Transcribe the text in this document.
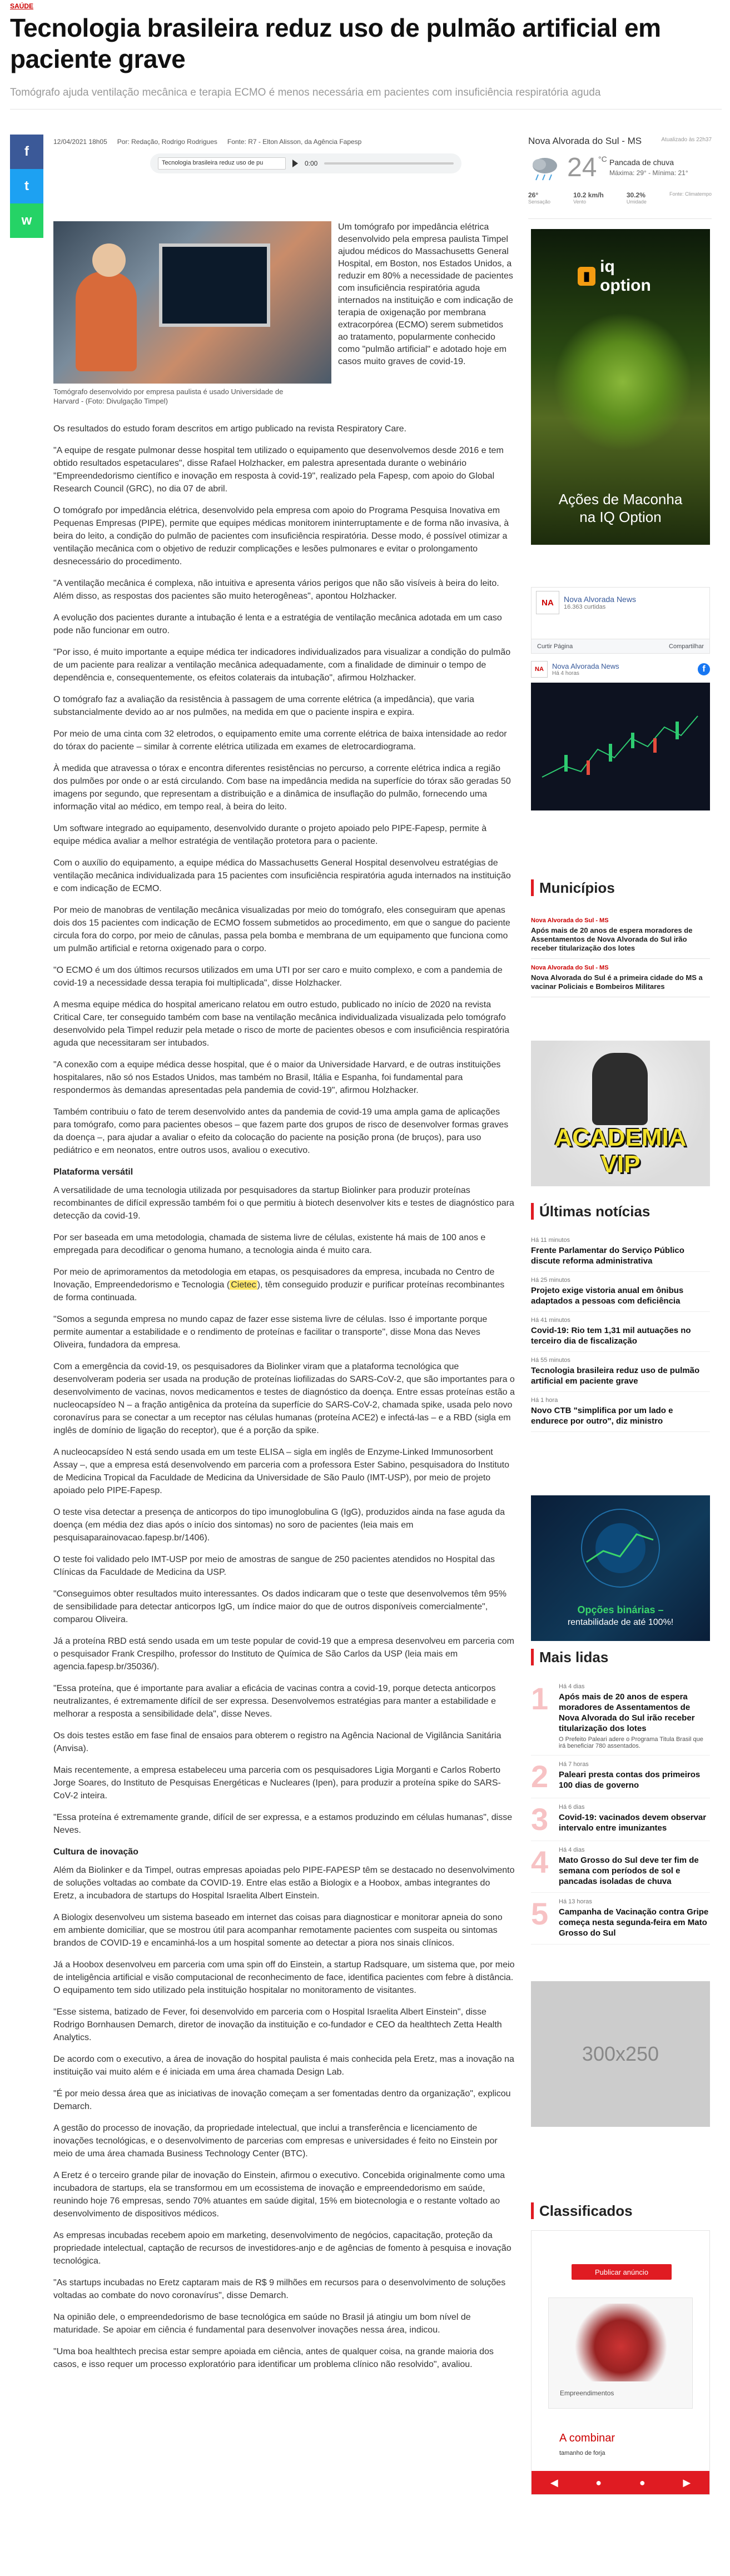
SAÚDE
Tecnologia brasileira reduz uso de pulmão artificial em paciente grave
Tomógrafo ajuda ventilação mecânica e terapia ECMO é menos necessária em pacientes com insuficiência respiratória aguda
f
t
w
12/04/2021 18h05 Por: Redação, Rodrigo Rodrigues Fonte: R7 - Elton Alisson, da Agência Fapesp
Tecnologia brasileira reduz uso de pu	0:00
Tomógrafo desenvolvido por empresa paulista é usado Universidade de Harvard - (Foto: Divulgação Timpel)

Um tomógrafo por impedância elétrica desenvolvido pela empresa paulista Timpel ajudou médicos do Massachusetts General Hospital, em Boston, nos Estados Unidos, a reduzir em 80% a necessidade de pacientes com insuficiência respiratória aguda internados na instituição e com indicação de terapia de oxigenação por membrana extracorpórea (ECMO) serem submetidos ao tratamento, popularmente conhecido como "pulmão artificial" e adotado hoje em casos muito graves de covid-19.

Os resultados do estudo foram descritos em artigo publicado na revista Respiratory Care.

"A equipe de resgate pulmonar desse hospital tem utilizado o equipamento que desenvolvemos desde 2016 e tem obtido resultados espetaculares", disse Rafael Holzhacker, em palestra apresentada durante o webinário "Empreendedorismo científico e inovação em resposta à covid-19", realizado pela Fapesp, com apoio do Global Research Council (GRC), no dia 07 de abril.

O tomógrafo por impedância elétrica, desenvolvido pela empresa com apoio do Programa Pesquisa Inovativa em Pequenas Empresas (PIPE), permite que equipes médicas monitorem ininterruptamente e de forma não invasiva, à beira do leito, a condição do pulmão de pacientes com insuficiência respiratória. Desse modo, é possível otimizar a ventilação mecânica com o objetivo de reduzir complicações e lesões pulmonares e evitar o prolongamento desnecessário do procedimento.

"A ventilação mecânica é complexa, não intuitiva e apresenta vários perigos que não são visíveis à beira do leito. Além disso, as respostas dos pacientes são muito heterogêneas", apontou Holzhacker.

A evolução dos pacientes durante a intubação é lenta e a estratégia de ventilação mecânica adotada em um caso pode não funcionar em outro.

"Por isso, é muito importante a equipe médica ter indicadores individualizados para visualizar a condição do pulmão de um paciente para realizar a ventilação mecânica adequadamente, com a finalidade de diminuir o tempo de dependência e, consequentemente, os efeitos colaterais da intubação", afirmou Holzhacker.

O tomógrafo faz a avaliação da resistência à passagem de uma corrente elétrica (a impedância), que varia substancialmente devido ao ar nos pulmões, na medida em que o paciente inspira e expira.

Por meio de uma cinta com 32 eletrodos, o equipamento emite uma corrente elétrica de baixa intensidade ao redor do tórax do paciente – similar à corrente elétrica utilizada em exames de eletrocardiograma.

À medida que atravessa o tórax e encontra diferentes resistências no percurso, a corrente elétrica indica a região dos pulmões por onde o ar está circulando. Com base na impedância medida na superfície do tórax são geradas 50 imagens por segundo, que representam a distribuição e a dinâmica de insuflação do pulmão, fornecendo uma informação vital ao médico, em tempo real, à beira do leito.

Um software integrado ao equipamento, desenvolvido durante o projeto apoiado pelo PIPE-Fapesp, permite à equipe médica avaliar a melhor estratégia de ventilação protetora para o paciente.

Com o auxílio do equipamento, a equipe médica do Massachusetts General Hospital desenvolveu estratégias de ventilação mecânica individualizada para 15 pacientes com insuficiência respiratória aguda internados na instituição e com indicação de ECMO.

Por meio de manobras de ventilação mecânica visualizadas por meio do tomógrafo, eles conseguiram que apenas dois dos 15 pacientes com indicação de ECMO fossem submetidos ao procedimento, em que o sangue do paciente circula fora do corpo, por meio de cânulas, passa pela bomba e membrana de um equipamento que funciona como um pulmão artificial e retorna oxigenado para o corpo.

"O ECMO é um dos últimos recursos utilizados em uma UTI por ser caro e muito complexo, e com a pandemia de covid-19 a necessidade dessa terapia foi multiplicada", disse Holzhacker.

A mesma equipe médica do hospital americano relatou em outro estudo, publicado no início de 2020 na revista Critical Care, ter conseguido também com base na ventilação mecânica individualizada visualizada pelo tomógrafo desenvolvido pela Timpel reduzir pela metade o risco de morte de pacientes obesos e com insuficiência respiratória aguda que necessitaram ser intubados.

"A conexão com a equipe médica desse hospital, que é o maior da Universidade Harvard, e de outras instituições hospitalares, não só nos Estados Unidos, mas também no Brasil, Itália e Espanha, foi fundamental para respondermos às demandas apresentadas pela pandemia de covid-19", afirmou Holzhacker.

Também contribuiu o fato de terem desenvolvido antes da pandemia de covid-19 uma ampla gama de aplicações para tomógrafo, como para pacientes obesos – que fazem parte dos grupos de risco de desenvolver formas graves da doença –, para ajudar a avaliar o efeito da colocação do paciente na posição prona (de bruços), para uso pediátrico e em neonatos, entre outros usos, avaliou o executivo.

Plataforma versátil

A versatilidade de uma tecnologia utilizada por pesquisadores da startup Biolinker para produzir proteínas recombinantes de difícil expressão também foi o que permitiu à biotech desenvolver kits e testes de diagnóstico para detecção da covid-19.

Por ser baseada em uma metodologia, chamada de sistema livre de células, existente há mais de 100 anos e empregada para decodificar o genoma humano, a tecnologia ainda é muito cara.

Por meio de aprimoramentos da metodologia em etapas, os pesquisadores da empresa, incubada no Centro de Inovação, Empreendedorismo e Tecnologia ( Cietec ), têm conseguido produzir e purificar proteínas recombinantes de forma continuada.

"Somos a segunda empresa no mundo capaz de fazer esse sistema livre de células. Isso é importante porque permite aumentar a estabilidade e o rendimento de proteínas e facilitar o transporte", disse Mona das Neves Oliveira, fundadora da empresa.

Com a emergência da covid-19, os pesquisadores da Biolinker viram que a plataforma tecnológica que desenvolveram poderia ser usada na produção de proteínas liofilizadas do SARS-CoV-2, que são importantes para o desenvolvimento de vacinas, novos medicamentos e testes de diagnóstico da doença. Entre essas proteínas estão a nucleocapsídeo N – a fração antigênica da proteína da superfície do SARS-CoV-2, chamada spike, usada pelo novo coronavírus para se conectar a um receptor nas células humanas (proteína ACE2) e infectá-las – e a RBD (sigla em inglês de domínio de ligação do receptor), que é a porção da spike.

A nucleocapsídeo N está sendo usada em um teste ELISA – sigla em inglês de Enzyme-Linked Immunosorbent Assay –, que a empresa está desenvolvendo em parceria com a professora Ester Sabino, pesquisadora do Instituto de Medicina Tropical da Faculdade de Medicina da Universidade de São Paulo (IMT-USP), por meio de projeto apoiado pelo PIPE-Fapesp.

O teste visa detectar a presença de anticorpos do tipo imunoglobulina G (IgG), produzidos ainda na fase aguda da doença (em média dez dias após o início dos sintomas) no soro de pacientes (leia mais em pesquisaparainovacao.fapesp.br/1406).

O teste foi validado pelo IMT-USP por meio de amostras de sangue de 250 pacientes atendidos no Hospital das Clínicas da Faculdade de Medicina da USP.

"Conseguimos obter resultados muito interessantes. Os dados indicaram que o teste que desenvolvemos têm 95% de sensibilidade para detectar anticorpos IgG, um índice maior do que de outros disponíveis comercialmente", comparou Oliveira.

Já a proteína RBD está sendo usada em um teste popular de covid-19 que a empresa desenvolveu em parceria com o pesquisador Frank Crespilho, professor do Instituto de Química de São Carlos da USP (leia mais em agencia.fapesp.br/35036/).

"Essa proteína, que é importante para avaliar a eficácia de vacinas contra a covid-19, porque detecta anticorpos neutralizantes, é extremamente difícil de ser expressa. Desenvolvemos estratégias para manter a estabilidade e melhorar a resposta a sensibilidade dela", disse Neves.

Os dois testes estão em fase final de ensaios para obterem o registro na Agência Nacional de Vigilância Sanitária (Anvisa).

Mais recentemente, a empresa estabeleceu uma parceria com os pesquisadores Ligia Morganti e Carlos Roberto Jorge Soares, do Instituto de Pesquisas Energéticas e Nucleares (Ipen), para produzir a proteína spike do SARS-CoV-2 inteira.

"Essa proteína é extremamente grande, difícil de ser expressa, e a estamos produzindo em células humanas", disse Neves.

Cultura de inovação

Além da Biolinker e da Timpel, outras empresas apoiadas pelo PIPE-FAPESP têm se destacado no desenvolvimento de soluções voltadas ao combate da COVID-19. Entre elas estão a Biologix e a Hoobox, ambas integrantes do Eretz, a incubadora de startups do Hospital Israelita Albert Einstein.

A Biologix desenvolveu um sistema baseado em internet das coisas para diagnosticar e monitorar apneia do sono em ambiente domiciliar, que se mostrou útil para acompanhar remotamente pacientes com suspeita ou sintomas brandos de COVID-19 e encaminhá-los a um hospital somente ao detectar a piora nos sinais clínicos.

Já a Hoobox desenvolveu em parceria com uma spin off do Einstein, a startup Radsquare, um sistema que, por meio de inteligência artificial e visão computacional de reconhecimento de face, identifica pacientes com febre à distância. O equipamento tem sido utilizado pela instituição hospitalar no monitoramento de visitantes.

"Esse sistema, batizado de Fever, foi desenvolvido em parceria com o Hospital Israelita Albert Einstein", disse Rodrigo Bornhausen Demarch, diretor de inovação da instituição e co-fundador e CEO da healthtech Zetta Health Analytics.

De acordo com o executivo, a área de inovação do hospital paulista é mais conhecida pela Eretz, mas a inovação na instituição vai muito além e é iniciada em uma área chamada Design Lab.

"É por meio dessa área que as iniciativas de inovação começam a ser fomentadas dentro da organização", explicou Demarch.

A gestão do processo de inovação, da propriedade intelectual, que inclui a transferência e licenciamento de inovações tecnológicas, e o desenvolvimento de parcerias com empresas e universidades é feito no Einstein por meio de uma área chamada Business Technology Center (BTC).

A Eretz é o terceiro grande pilar de inovação do Einstein, afirmou o executivo. Concebida originalmente como uma incubadora de startups, ela se transformou em um ecossistema de inovação e empreendedorismo em saúde, reunindo hoje 76 empresas, sendo 70% atuantes em saúde digital, 15% em biotecnologia e o restante voltado ao desenvolvimento de dispositivos médicos.

As empresas incubadas recebem apoio em marketing, desenvolvimento de negócios, capacitação, proteção da propriedade intelectual, captação de recursos de investidores-anjo e de agências de fomento à pesquisa e inovação tecnológica.

"As startups incubadas no Eretz captaram mais de R$ 9 milhões em recursos para o desenvolvimento de soluções voltadas ao combate do novo coronavírus", disse Demarch.

Na opinião dele, o empreendedorismo de base tecnológica em saúde no Brasil já atingiu um bom nível de maturidade. Se apoiar em ciência é fundamental para desenvolver inovações nessa área, indicou.

"Uma boa healthtech precisa estar sempre apoiada em ciência, antes de qualquer coisa, na grande maioria dos casos, e isso requer um processo exploratório para identificar um problema clínico não resolvido", avaliou.

Nova Alvorada do Sul - MS	Atualizado às 22h37
24 °C Pancada de chuva
Máxima: 29° - Mínima: 21°
26°
Sensação
10.2 km/h
Vento
30.2%
Umidade
Fonte: Climatempo
▮
iq option
Ações de Maconha
na IQ Option
NA	Nova Alvorada News
16.363 curtidas
Curtir Página	Compartilhar
NA	Nova Alvorada News
Há 4 horas	f
Municípios
Nova Alvorada do Sul - MS
Após mais de 20 anos de espera moradores de Assentamentos de Nova Alvorada do Sul irão receber titularização dos lotes
Nova Alvorada do Sul - MS
Nova Alvorada do Sul é a primeira cidade do MS a vacinar Policiais e Bombeiros Militares
ACADEMIA
VIP
Últimas notícias
Há 11 minutos
Frente Parlamentar do Serviço Público discute reforma administrativa
Há 25 minutos
Projeto exige vistoria anual em ônibus adaptados a pessoas com deficiência
Há 41 minutos
Covid-19: Rio tem 1,31 mil autuações no terceiro dia de fiscalização
Há 55 minutos
Tecnologia brasileira reduz uso de pulmão artificial em paciente grave
Há 1 hora
Novo CTB "simplifica por um lado e endurece por outro", diz ministro
Opções binárias –
rentabilidade de até 100%!
Mais lidas
1	Há 4 dias
Após mais de 20 anos de espera moradores de Assentamentos de Nova Alvorada do Sul irão receber titularização dos lotes
O Prefeito Paleari adere o Programa Titula Brasil que irá beneficiar 780 assentados.
2	Há 7 horas
Paleari presta contas dos primeiros 100 dias de governo
3	Há 6 dias
Covid-19: vacinados devem observar intervalo entre imunizantes
4	Há 4 dias
Mato Grosso do Sul deve ter fim de semana com períodos de sol e pancadas isoladas de chuva
5	Há 13 horas
Campanha de Vacinação contra Gripe começa nesta segunda-feira em Mato Grosso do Sul
300x250
Classificados
Publicar anúncio
Empreendimentos
A combinar
tamanho de forja
◀	●	●	▶
